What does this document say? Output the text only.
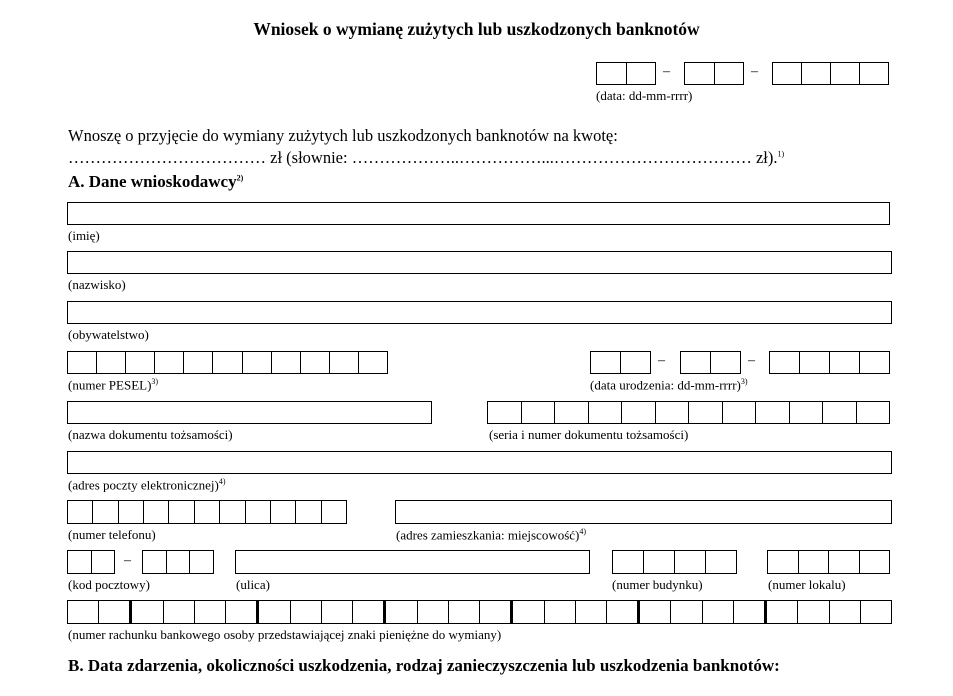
Wniosek o wymianę zużytych lub uszkodzonych banknotów
–	–
(data: dd-mm-rrrr)
Wnoszę o przyjęcie do wymiany zużytych lub uszkodzonych banknotów na kwotę:
……………………………… zł (słownie: ………………..……………...……………………………… zł).$^{1)}$
A. Dane wnioskodawcy$^{2)}$
(imię)
(nazwisko)
(obywatelstwo)
(numer PESEL)$^{3)}$
–	–
(data urodzenia: dd-mm-rrrr)$^{3)}$
(nazwa dokumentu tożsamości)	(seria i numer dokumentu tożsamości)
(adres poczty elektronicznej)$^{4)}$
(numer telefonu)	(adres zamieszkania: miejscowość)$^{4)}$
–
(kod pocztowy)	(ulica)	(numer budynku)	(numer lokalu)
(numer rachunku bankowego osoby przedstawiającej znaki pieniężne do wymiany)
B. Data zdarzenia, okoliczności uszkodzenia, rodzaj zanieczyszczenia lub uszkodzenia banknotów:
